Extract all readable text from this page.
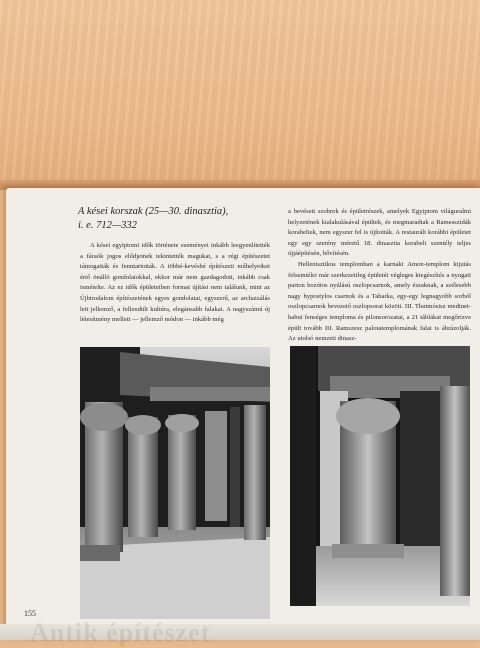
A kései korszak (25—30. dinasztia),
i. e. 712—332
A kései egyiptomi idők története eseményei inkább leegyenlítették a fáraók jogos elődjeinek tekintették magukat, s a régi építészetet támogatták és fenntartották. A többé-kevésbé építészeti műhelyeiket értő önálló gondolatokkal, ekkor már nem gazdagodott, inkább csak ismételte. Az ez idők épületeiben formai újítást nem találunk, mint az Újbirodalom építészetének egyes gondolatai, egyszerű, az archaizálás lett jellemző, a fellendült kultúra, elegánsabb falakat. A nagyszámú új létesítmény mellett — jellemző módon — inkább még

a bevésett szobrok és épületrészek, amelyek Egyiptom világuralmi helyzetének kialakulásával épültek, és megmaradtak a Ramesszidák korabeliek, nem egyszer fel is újították. A restaurált korábbi épületet egy egy szerény méretű 18. dinasztia korabeli szentély teljes újjáépítésén, bővítésén.

Hellenisztikus templomban a karnaki Amon-templom kijutás felsemtélei már szerkezetileg épületét végleges kiegészítés a nyugati parton bozótos nyúlású oszlopcsarnok, amely északnak, a szélesebb nagy hypostylos csarnok és a Taharka, egy-egy legnagyobb sorból oszlopcsarnok bevezető oszlopsorai között. III. Thutmósisz medinet-habui fenséges temploma és pilonsorozatai, a 21 táblákat megőrizve épült tovább III. Ramszesz palotatemplomának falai is ábrázolják. Az utolsó nemzeti dinasz-

155
Antik építészet
